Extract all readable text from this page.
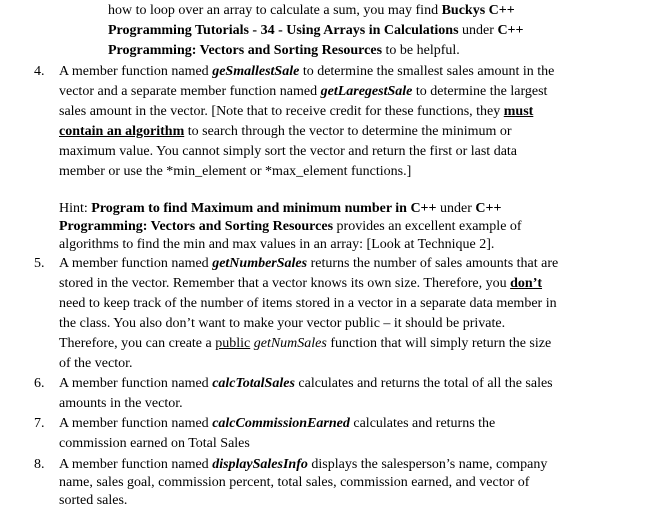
how to loop over an array to calculate a sum, you may find Buckys C++
Programming Tutorials - 34 - Using Arrays in Calculations under C++
Programming: Vectors and Sorting Resources to be helpful.
4. A member function named geSmallestSale to determine the smallest sales amount in the
vector and a separate member function named getLaregestSale to determine the largest
sales amount in the vector. [Note that to receive credit for these functions, they must
contain an algorithm to search through the vector to determine the minimum or
maximum value. You cannot simply sort the vector and return the first or last data
member or use the *min_element or *max_element functions.]
Hint: Program to find Maximum and minimum number in C++ under C++
Programming: Vectors and Sorting Resources provides an excellent example of
algorithms to find the min and max values in an array: [Look at Technique 2].
5. A member function named getNumberSales returns the number of sales amounts that are
stored in the vector. Remember that a vector knows its own size. Therefore, you don’t
need to keep track of the number of items stored in a vector in a separate data member in
the class. You also don’t want to make your vector public – it should be private.
Therefore, you can create a public getNumSales function that will simply return the size
of the vector.
6. A member function named calcTotalSales calculates and returns the total of all the sales
amounts in the vector.
7. A member function named calcCommissionEarned calculates and returns the
commission earned on Total Sales
8. A member function named displaySalesInfo displays the salesperson’s name, company
name, sales goal, commission percent, total sales, commission earned, and vector of
sorted sales.
